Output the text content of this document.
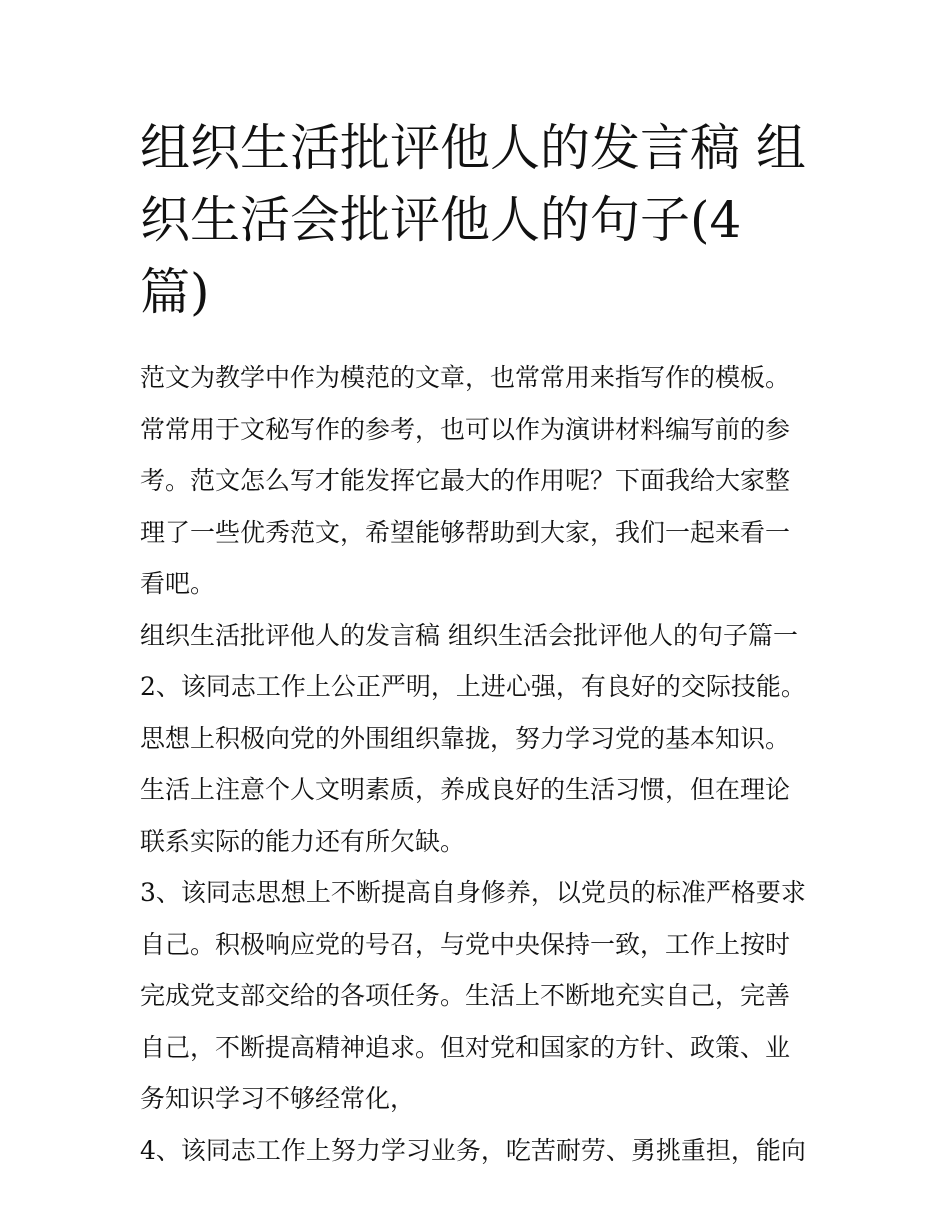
组织生活批评他人的发言稿 组织生活会批评他人的句子(4篇)

范文为教学中作为模范的文章，也常常用来指写作的模板。常常用于文秘写作的参考，也可以作为演讲材料编写前的参考。范文怎么写才能发挥它最大的作用呢？下面我给大家整理了一些优秀范文，希望能够帮助到大家，我们一起来看一看吧。

组织生活批评他人的发言稿 组织生活会批评他人的句子篇一

2、该同志工作上公正严明，上进心强，有良好的交际技能。思想上积极向党的外围组织靠拢，努力学习党的基本知识。生活上注意个人文明素质，养成良好的生活习惯，但在理论联系实际的能力还有所欠缺。

3、该同志思想上不断提高自身修养，以党员的标准严格要求自己。积极响应党的号召，与党中央保持一致，工作上按时完成党支部交给的各项任务。生活上不断地充实自己，完善自己，不断提高精神追求。但对党和国家的方针、政策、业务知识学习不够经常化，

4、该同志工作上努力学习业务，吃苦耐劳、勇挑重担，能向
